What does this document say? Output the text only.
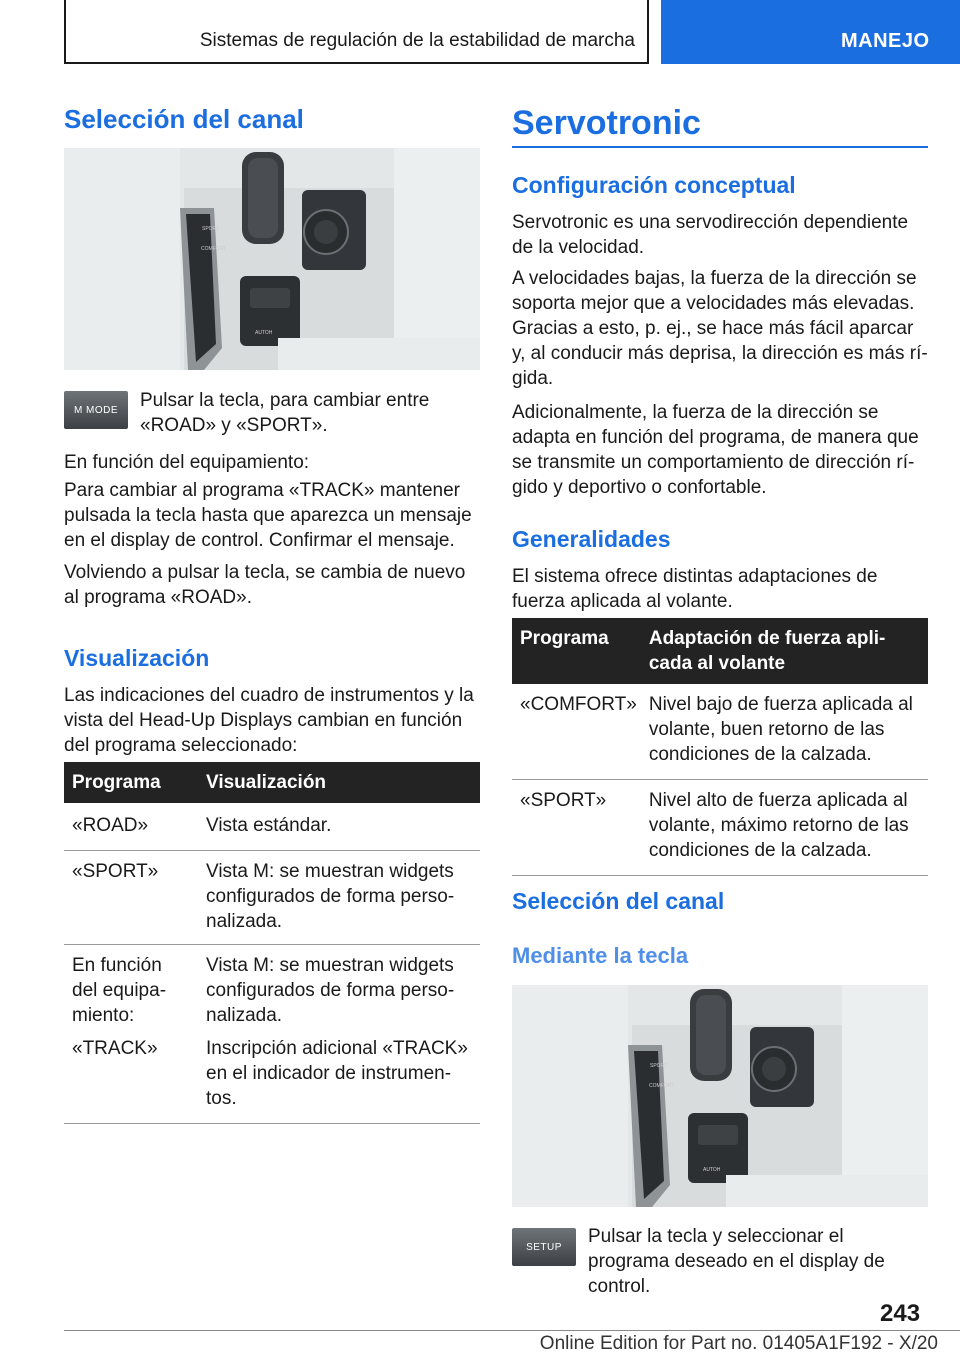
Sistemas de regulación de la estabilidad de marcha	MANEJO
Selección del canal
SPORT
COMFORT
AUTOH
M MODE	Pulsar la tecla, para cambiar entre «ROAD» y «SPORT».
En función del equipamiento:
Para cambiar al programa «TRACK» mantener pulsada la tecla hasta que aparezca un mensaje en el display de control. Confirmar el mensaje.
Volviendo a pulsar la tecla, se cambia de nuevo al programa «ROAD».
Visualización
Las indicaciones del cuadro de instrumentos y la vista del Head-Up Displays cambian en función del programa seleccionado:
Programa	Visualización
«ROAD»	Vista estándar.
«SPORT»	Vista M: se muestran widgets configurados de forma perso- nalizada.
En función del equipa- miento:	Vista M: se muestran widgets configurados de forma perso- nalizada.
«TRACK»	Inscripción adicional «TRACK» en el indicador de instrumen- tos.
Servotronic
Configuración conceptual
Servotronic es una servodirección dependiente de la velocidad.
A velocidades bajas, la fuerza de la dirección se soporta mejor que a velocidades más elevadas. Gracias a esto, p. ej., se hace más fácil aparcar y, al conducir más deprisa, la dirección es más rí- gida.
Adicionalmente, la fuerza de la dirección se adapta en función del programa, de manera que se transmite un comportamiento de dirección rí- gido y deportivo o confortable.
Generalidades
El sistema ofrece distintas adaptaciones de fuerza aplicada al volante.
Programa	Adaptación de fuerza apli- cada al volante
«COMFORT»	Nivel bajo de fuerza aplicada al volante, buen retorno de las condiciones de la calzada.
«SPORT»	Nivel alto de fuerza aplicada al volante, máximo retorno de las condiciones de la calzada.
Selección del canal
Mediante la tecla
SPORT
COMFORT
AUTOH
SETUP	Pulsar la tecla y seleccionar el programa deseado en el display de control.
243
Online Edition for Part no. 01405A1F192 - X/20
